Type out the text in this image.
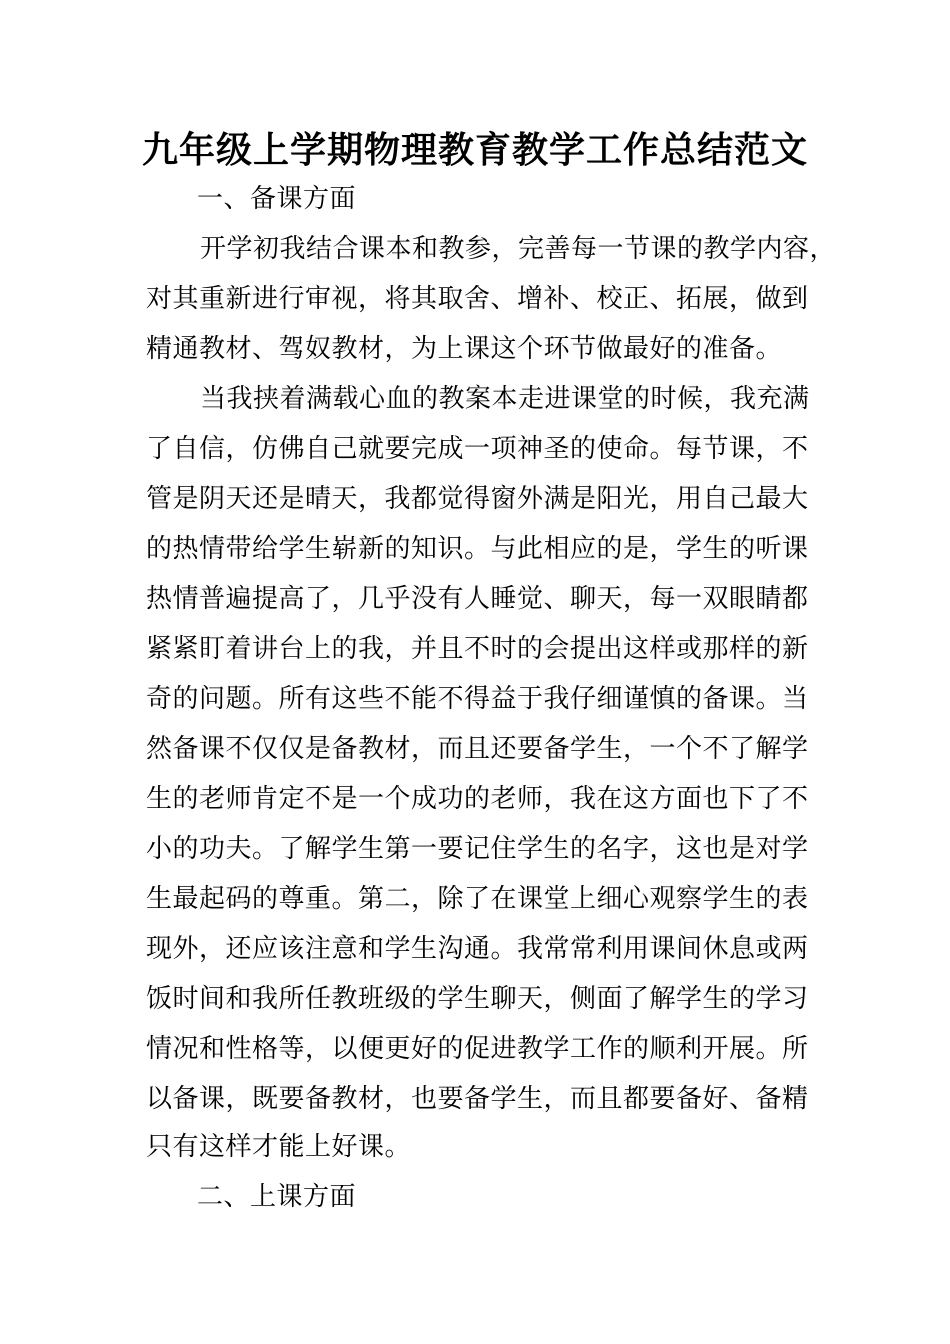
九年级上学期物理教育教学工作总结范文
一、备课方面
开学初我结合课本和教参，完善每一节课的教学内容，
对其重新进行审视，将其取舍、增补、校正、拓展，做到
精通教材、驾奴教材，为上课这个环节做最好的准备。
当我挟着满载心血的教案本走进课堂的时候，我充满
了自信，仿佛自己就要完成一项神圣的使命。每节课，不
管是阴天还是晴天，我都觉得窗外满是阳光，用自己最大
的热情带给学生崭新的知识。与此相应的是，学生的听课
热情普遍提高了，几乎没有人睡觉、聊天，每一双眼睛都
紧紧盯着讲台上的我，并且不时的会提出这样或那样的新
奇的问题。所有这些不能不得益于我仔细谨慎的备课。当
然备课不仅仅是备教材，而且还要备学生，一个不了解学
生的老师肯定不是一个成功的老师，我在这方面也下了不
小的功夫。了解学生第一要记住学生的名字，这也是对学
生最起码的尊重。第二，除了在课堂上细心观察学生的表
现外，还应该注意和学生沟通。我常常利用课间休息或两
饭时间和我所任教班级的学生聊天，侧面了解学生的学习
情况和性格等，以便更好的促进教学工作的顺利开展。所
以备课，既要备教材，也要备学生，而且都要备好、备精
只有这样才能上好课。
二、上课方面
